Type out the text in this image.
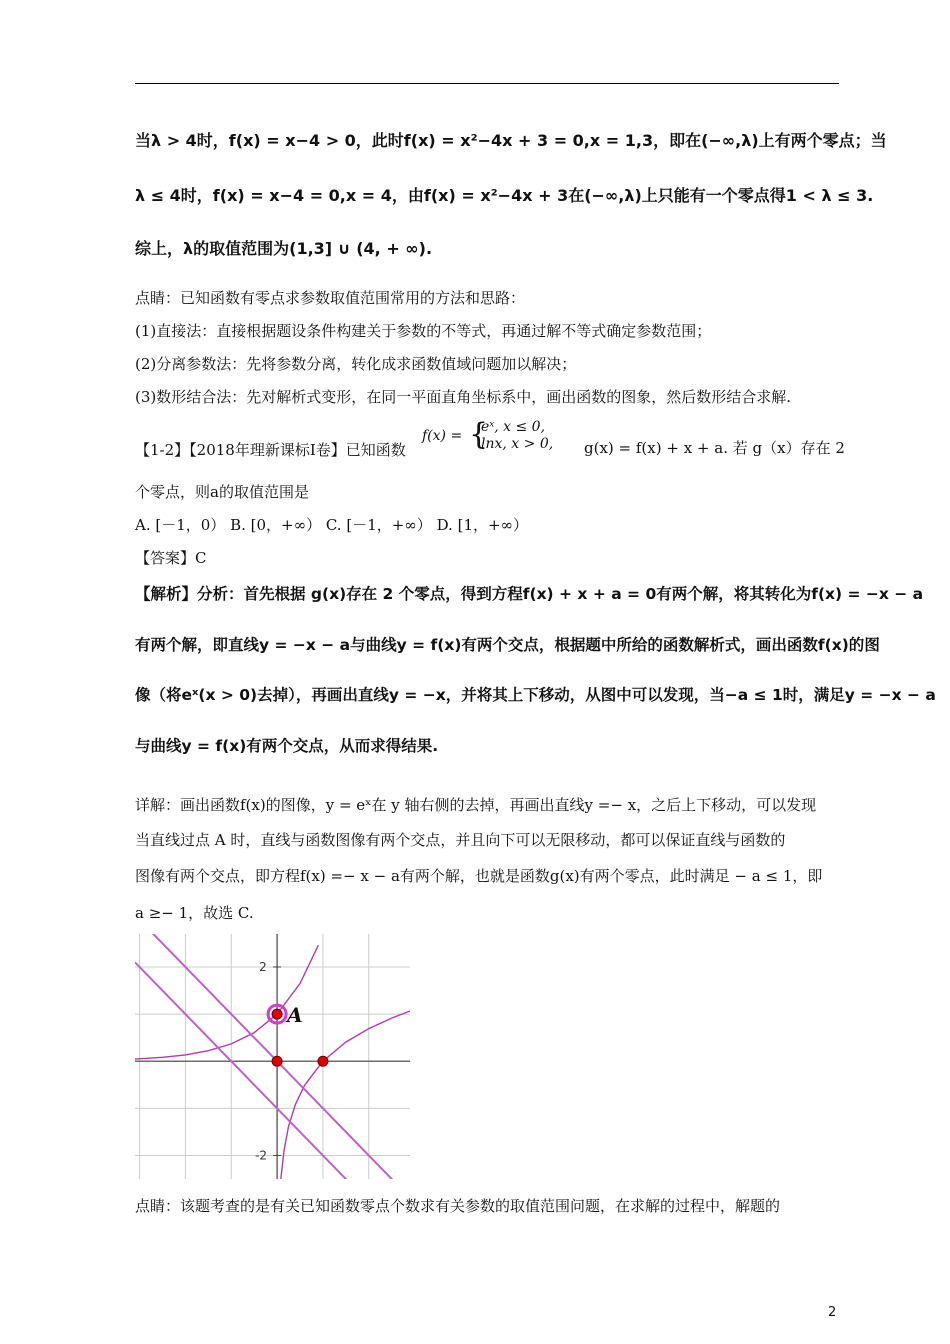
当λ > 4时，f(x) = x−4 > 0，此时f(x) = x²−4x + 3 = 0,x = 1,3，即在(−∞,λ)上有两个零点；当
λ ≤ 4时，f(x) = x−4 = 0,x = 4，由f(x) = x²−4x + 3在(−∞,λ)上只能有一个零点得1 < λ ≤ 3.
综上，λ的取值范围为(1,3] ∪ (4, + ∞).
点睛：已知函数有零点求参数取值范围常用的方法和思路：
(1)直接法：直接根据题设条件构建关于参数的不等式，再通过解不等式确定参数范围；
(2)分离参数法：先将参数分离，转化成求函数值域问题加以解决；
(3)数形结合法：先对解析式变形，在同一平面直角坐标系中，画出函数的图象，然后数形结合求解.
【1-2】【2018年理新课标I卷】已知函数
f(x) = {
eˣ, x ≤ 0,
lnx, x > 0, g(x) = f(x) + x + a. 若 g（x）存在 2
个零点，则a的取值范围是
A. [－1，0） B. [0，+∞） C. [－1，+∞） D. [1，+∞）
【答案】C
【解析】分析：首先根据 g(x)存在 2 个零点，得到方程f(x) + x + a = 0有两个解，将其转化为f(x) = −x − a
有两个解，即直线y = −x − a与曲线y = f(x)有两个交点，根据题中所给的函数解析式，画出函数f(x)的图
像（将eˣ(x > 0)去掉），再画出直线y = −x，并将其上下移动，从图中可以发现，当−a ≤ 1时，满足y = −x − a
与曲线y = f(x)有两个交点，从而求得结果.
详解：画出函数f(x)的图像，y = eˣ在 y 轴右侧的去掉，再画出直线y =− x，之后上下移动，可以发现
当直线过点 A 时，直线与函数图像有两个交点，并且向下可以无限移动，都可以保证直线与函数的
图像有两个交点，即方程f(x) =− x − a有两个解，也就是函数g(x)有两个零点，此时满足 − a ≤ 1，即
a ≥− 1，故选 C.
2
-2
A
点睛：该题考查的是有关已知函数零点个数求有关参数的取值范围问题，在求解的过程中，解题的
2
